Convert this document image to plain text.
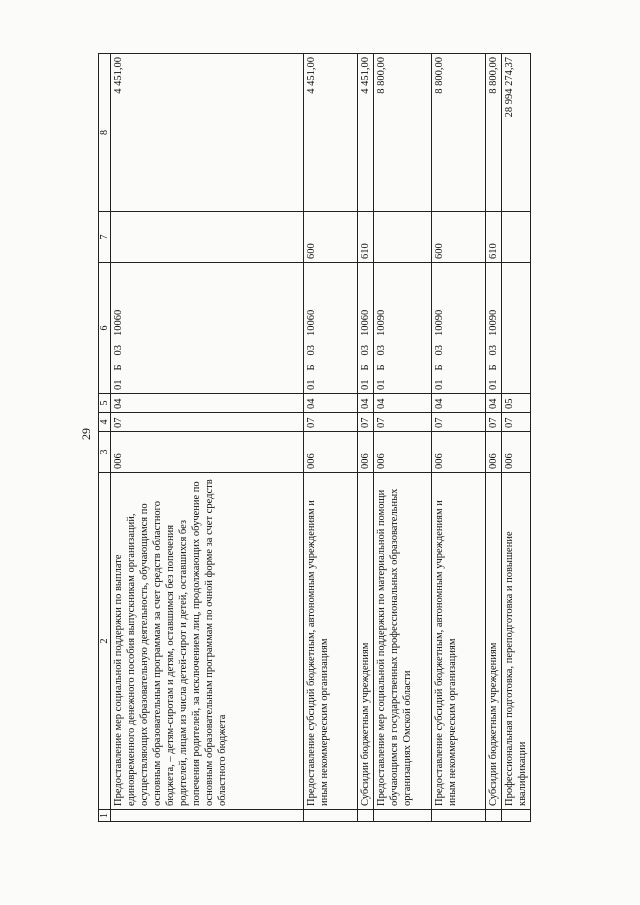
29
1	2	3	4	5	6	7	8
	Предоставление мер социальной поддержки по выплате единовременного денежного пособия выпускникам организаций, осуществляющих образовательную деятельность, обучающимся по основным образовательным программам за счет средств областного бюджета, – детям-сиротам и детям, оставшимся без попечения родителей, лицам из числа детей-сирот и детей, оставшихся без попечения родителей, за исключением лиц, продолжающих обучение по основным образовательным программам по очной форме за счет средств областного бюджета	006	07	04	01Б0310060		4 451,00
	Предоставление субсидий бюджетным, автономным учреждениям и иным некоммерческим организациям	006	07	04	01Б0310060	600	4 451,00
	Субсидии бюджетным учреждениям	006	07	04	01Б0310060	610	4 451,00
	Предоставление мер социальной поддержки по материальной помощи обучающимся в государственных профессиональных образовательных организациях Омской области	006	07	04	01Б0310090		8 800,00
	Предоставление субсидий бюджетным, автономным учреждениям и иным некоммерческим организациям	006	07	04	01Б0310090	600	8 800,00
	Субсидии бюджетным учреждениям	006	07	04	01Б0310090	610	8 800,00
	Профессиональная подготовка, переподготовка и повышение квалификации	006	07	05			28 994 274,37
